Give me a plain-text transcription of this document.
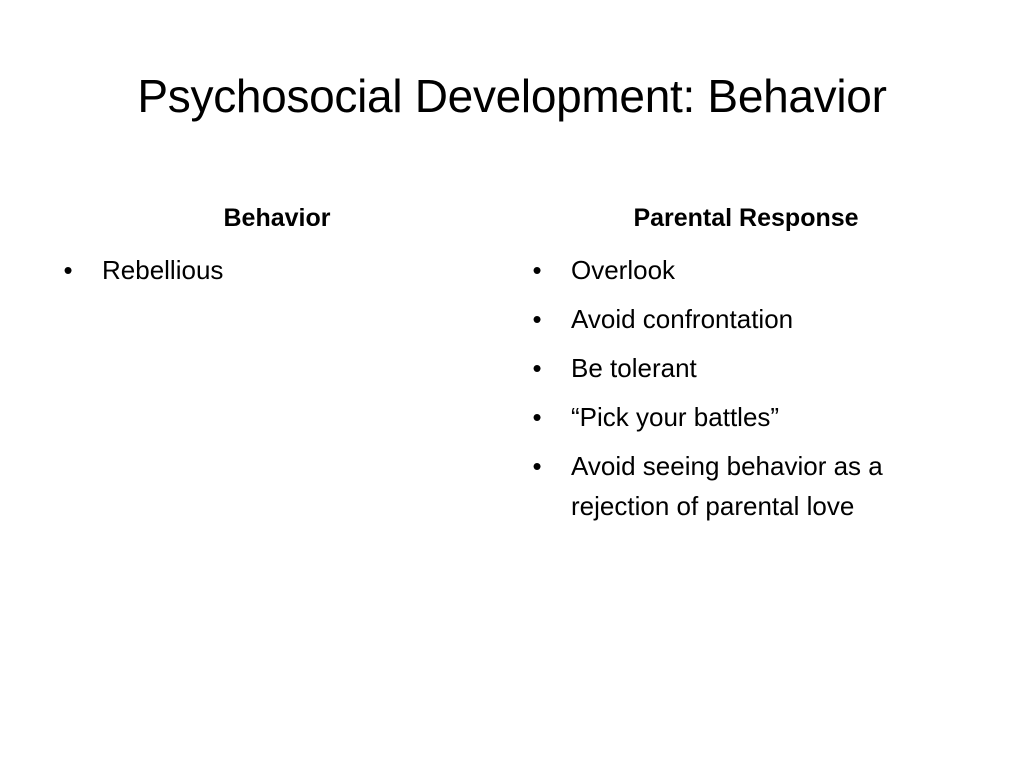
Psychosocial Development: Behavior
Behavior	Parental Response
• Rebellious	• Overlook
• Avoid confrontation
• Be tolerant
• “Pick your battles”
• Avoid seeing behavior as a rejection of parental love
